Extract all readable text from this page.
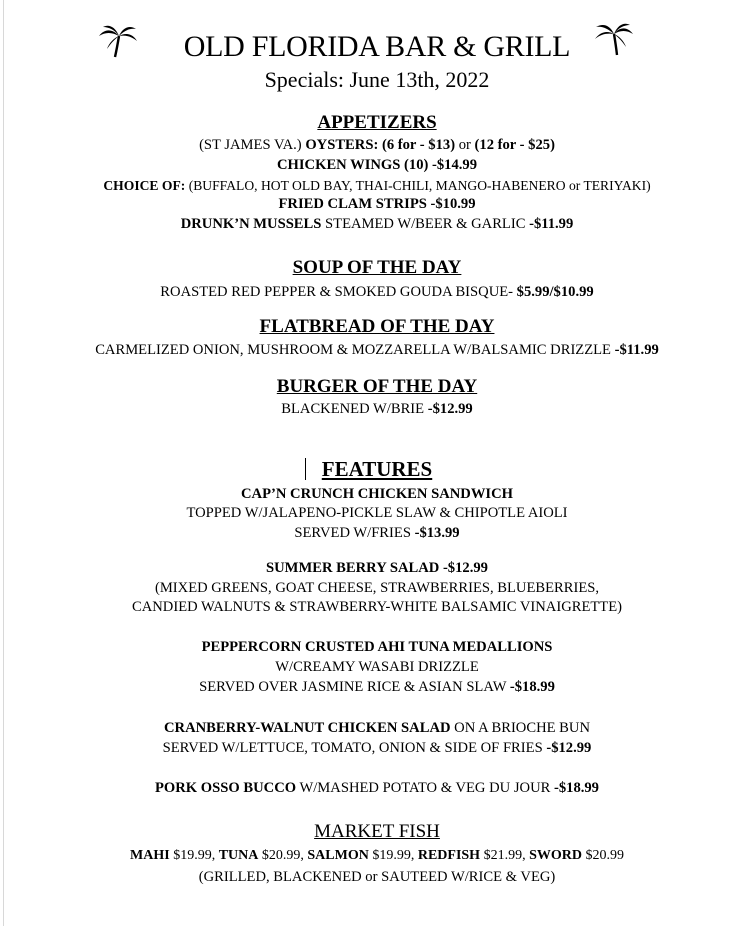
OLD FLORIDA BAR & GRILL
Specials: June 13th, 2022
APPETIZERS
(ST JAMES VA.) OYSTERS: (6 for - $13) or (12 for - $25)
CHICKEN WINGS (10) -$14.99
CHOICE OF: (BUFFALO, HOT OLD BAY, THAI-CHILI, MANGO-HABENERO or TERIYAKI)
FRIED CLAM STRIPS -$10.99
DRUNK’N MUSSELS STEAMED W/BEER & GARLIC -$11.99
SOUP OF THE DAY
ROASTED RED PEPPER & SMOKED GOUDA BISQUE- $5.99/$10.99
FLATBREAD OF THE DAY
CARMELIZED ONION, MUSHROOM & MOZZARELLA W/BALSAMIC DRIZZLE -$11.99
BURGER OF THE DAY
BLACKENED W/BRIE -$12.99
FEATURES
CAP’N CRUNCH CHICKEN SANDWICH
TOPPED W/JALAPENO-PICKLE SLAW & CHIPOTLE AIOLI
SERVED W/FRIES -$13.99
SUMMER BERRY SALAD -$12.99
(MIXED GREENS, GOAT CHEESE, STRAWBERRIES, BLUEBERRIES,
CANDIED WALNUTS & STRAWBERRY-WHITE BALSAMIC VINAIGRETTE)
PEPPERCORN CRUSTED AHI TUNA MEDALLIONS
W/CREAMY WASABI DRIZZLE
SERVED OVER JASMINE RICE & ASIAN SLAW -$18.99
CRANBERRY-WALNUT CHICKEN SALAD ON A BRIOCHE BUN
SERVED W/LETTUCE, TOMATO, ONION & SIDE OF FRIES -$12.99
PORK OSSO BUCCO W/MASHED POTATO & VEG DU JOUR -$18.99
MARKET FISH
MAHI $19.99, TUNA $20.99, SALMON $19.99, REDFISH $21.99, SWORD $20.99
(GRILLED, BLACKENED or SAUTEED W/RICE & VEG)
